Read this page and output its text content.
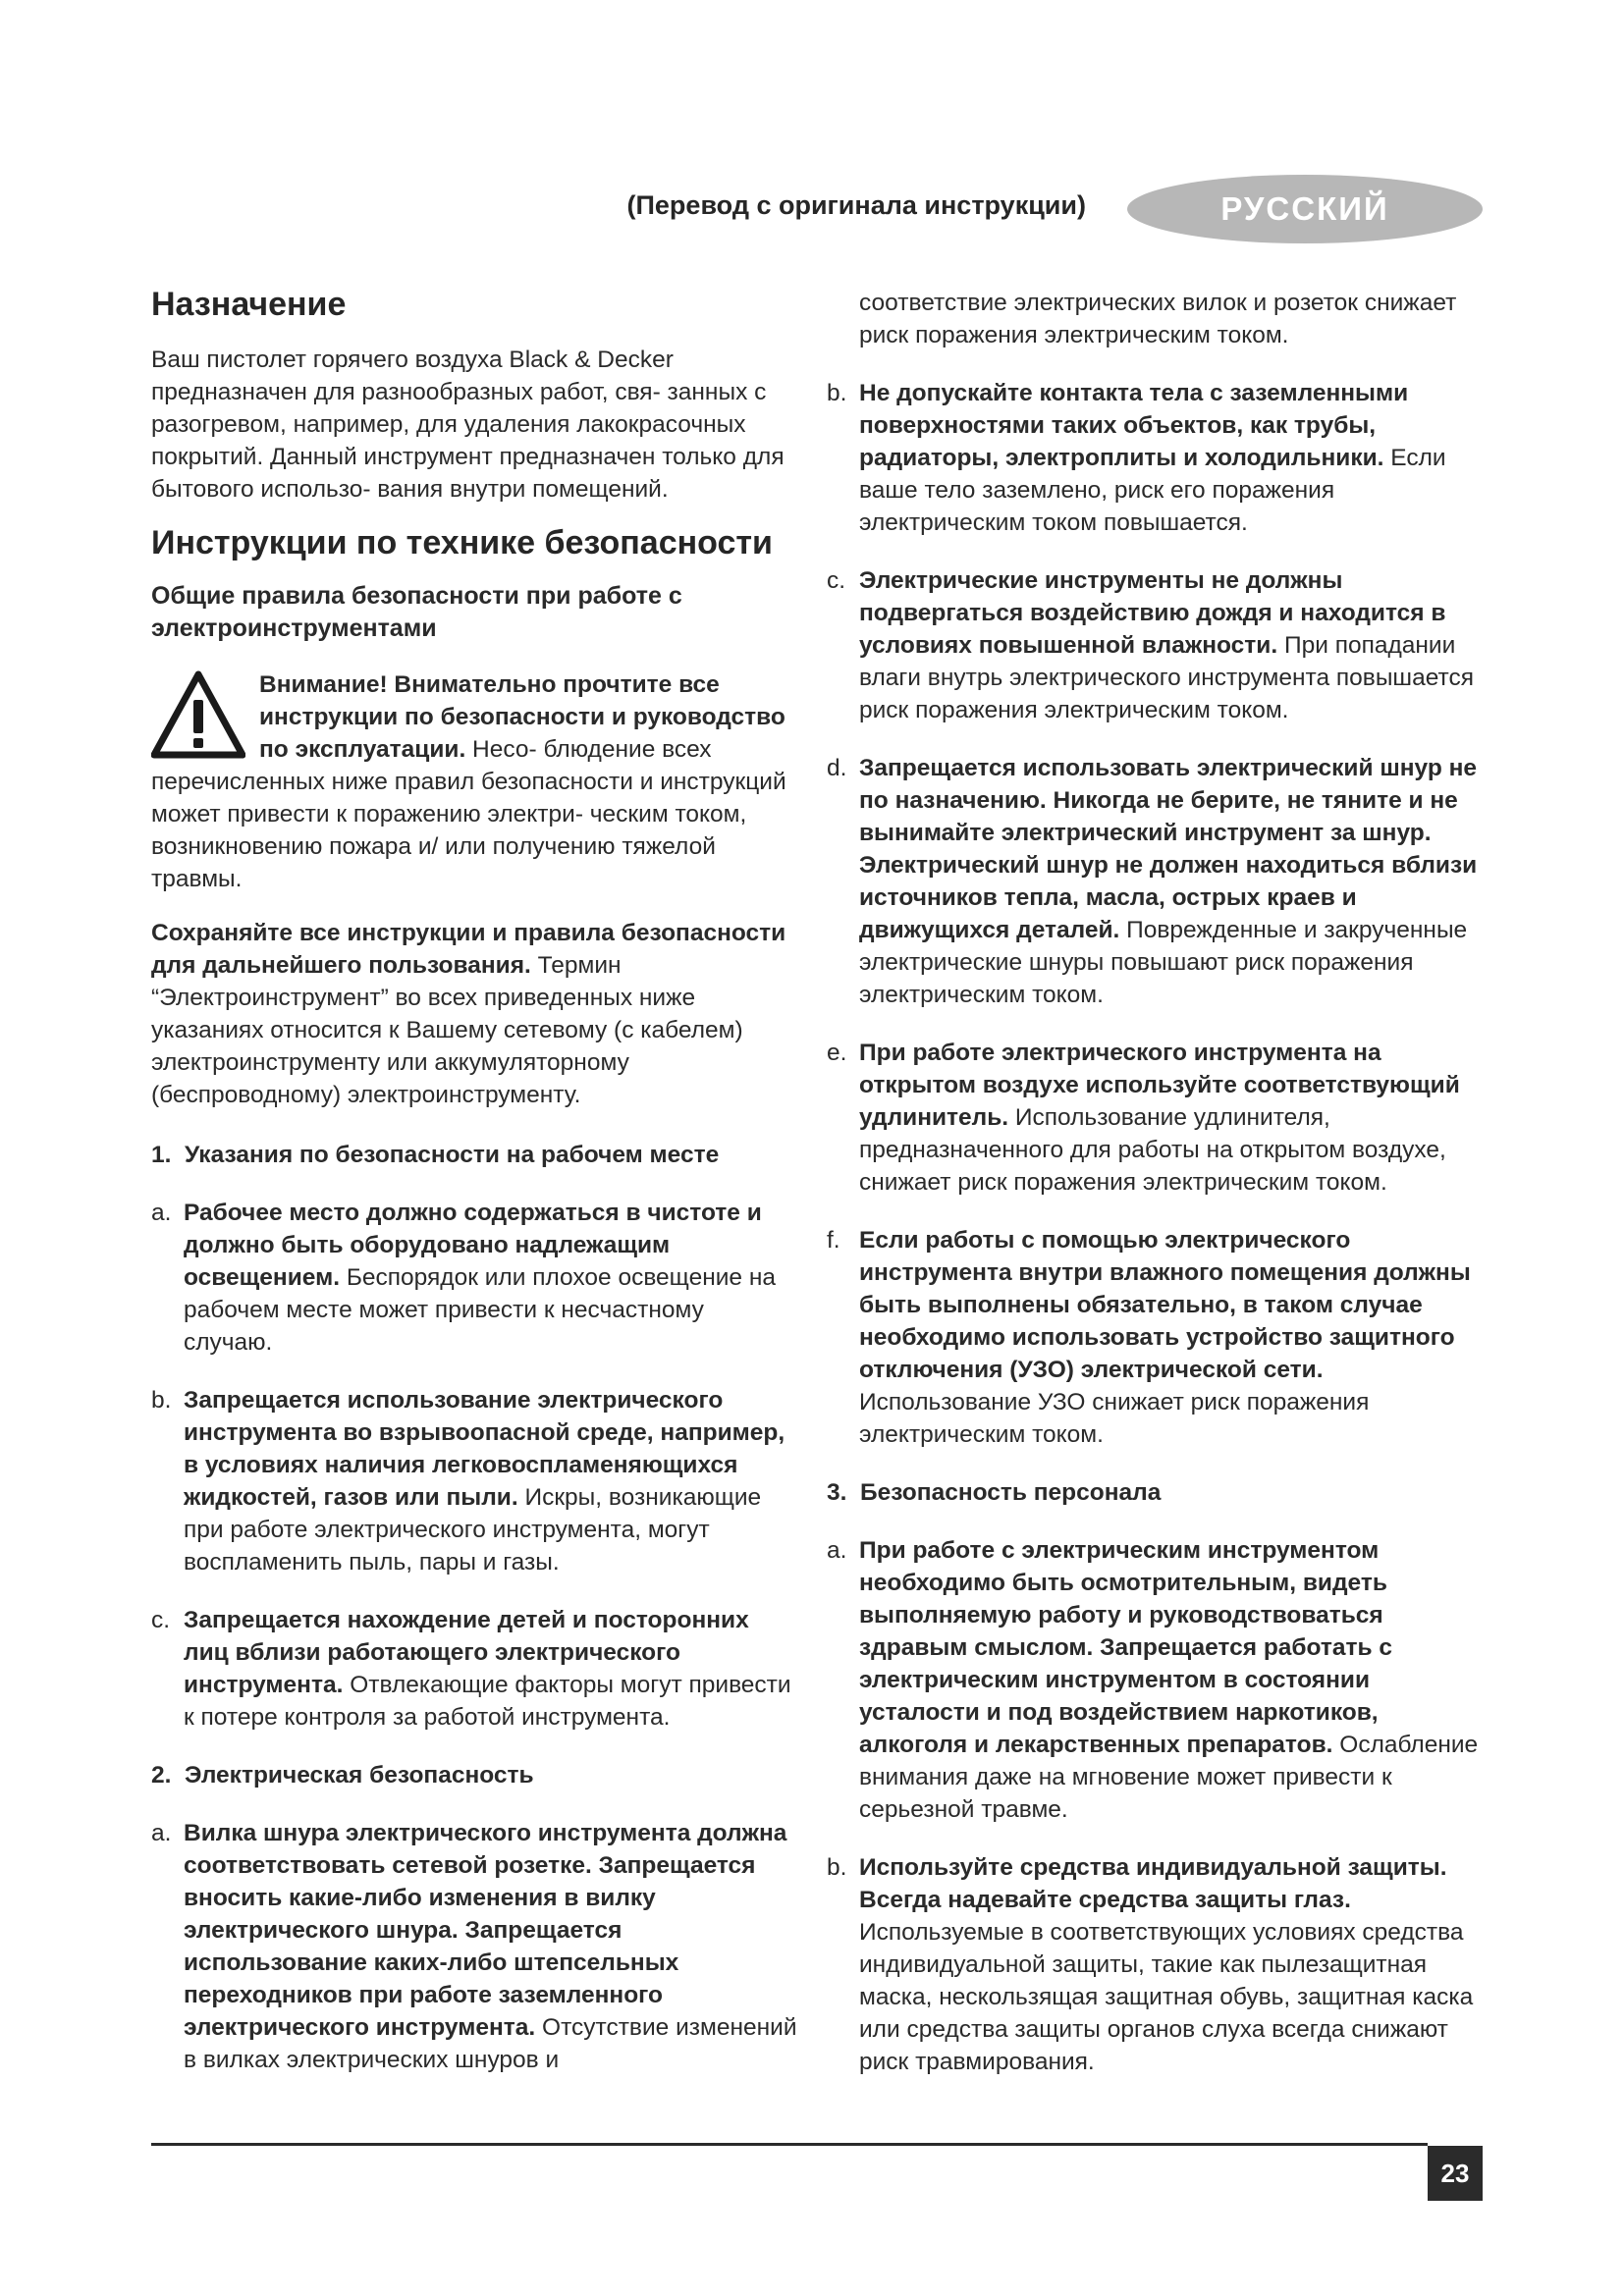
(Перевод с оригинала инструкции)	РУССКИЙ
Назначение

Ваш пистолет горячего воздуха Black & Decker предназначен для разнообразных работ, свя- занных с разогревом, например, для удаления лакокрасочных покрытий. Данный инструмент предназначен только для бытового использо- вания внутри помещений.

Инструкции по технике безопасности
Общие правила безопасности при работе с электроинструментами
Внимание! Внимательно прочтите все инструкции по безопасности и руководство по эксплуатации. Несо- блюдение всех перечисленных ниже правил безопасности и инструкций может привести к поражению электри- ческим током, возникновению пожара и/ или получению тяжелой травмы.

Сохраняйте все инструкции и правила безопасности для дальнейшего пользования. Термин “Электроинструмент” во всех приведенных ниже указаниях относится к Вашему сетевому (с кабелем) электроинструменту или аккумуляторному (беспроводному) электроинструменту.

1. Указания по безопасности на рабочем месте
a. Рабочее место должно содержаться в чистоте и должно быть оборудовано надлежащим освещением. Беспорядок или плохое освещение на рабочем месте может привести к несчастному случаю.
b. Запрещается использование электрического инструмента во взрывоопасной среде, например, в условиях наличия легковоспламеняющихся жидкостей, газов или пыли. Искры, возникающие при работе электрического инструмента, могут воспламенить пыль, пары и газы.
c. Запрещается нахождение детей и посторонних лиц вблизи работающего электрического инструмента. Отвлекающие факторы могут привести к потере контроля за работой инструмента.
2. Электрическая безопасность
a. Вилка шнура электрического инструмента должна соответствовать сетевой розетке. Запрещается вносить какие-либо изменения в вилку электрического шнура. Запрещается использование каких-либо штепсельных переходников при работе заземленного электрического инструмента. Отсутствие изменений в вилках электрических шнуров и
соответствие электрических вилок и розеток снижает риск поражения электрическим током.
b. Не допускайте контакта тела с заземленными поверхностями таких объектов, как трубы, радиаторы, электроплиты и холодильники. Если ваше тело заземлено, риск его поражения электрическим током повышается.
c. Электрические инструменты не должны подвергаться воздействию дождя и находится в условиях повышенной влажности. При попадании влаги внутрь электрического инструмента повышается риск поражения электрическим током.
d. Запрещается использовать электрический шнур не по назначению. Никогда не берите, не тяните и не вынимайте электрический инструмент за шнур. Электрический шнур не должен находиться вблизи источников тепла, масла, острых краев и движущихся деталей. Поврежденные и закрученные электрические шнуры повышают риск поражения электрическим током.
e. При работе электрического инструмента на открытом воздухе используйте соответствующий удлинитель. Использование удлинителя, предназначенного для работы на открытом воздухе, снижает риск поражения электрическим током.
f. Если работы с помощью электрического инструмента внутри влажного помещения должны быть выполнены обязательно, в таком случае необходимо использовать устройство защитного отключения (УЗО) электрической сети. Использование УЗО снижает риск поражения электрическим током.
3. Безопасность персонала
a. При работе с электрическим инструментом необходимо быть осмотрительным, видеть выполняемую работу и руководствоваться здравым смыслом. Запрещается работать с электрическим инструментом в состоянии усталости и под воздействием наркотиков, алкоголя и лекарственных препаратов. Ослабление внимания даже на мгновение может привести к серьезной травме.
b. Используйте средства индивидуальной защиты. Всегда надевайте средства защиты глаз. Используемые в соответствующих условиях средства индивидуальной защиты, такие как пылезащитная маска, нескользящая защитная обувь, защитная каска или средства защиты органов слуха всегда снижают риск травмирования.
23
